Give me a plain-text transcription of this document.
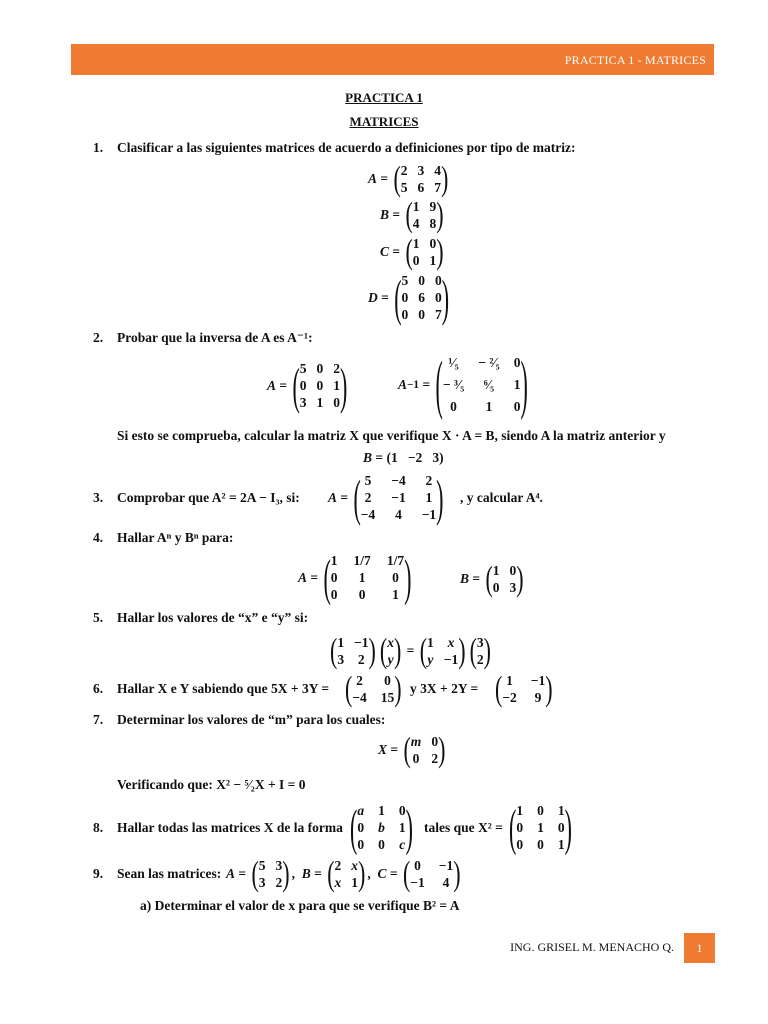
PRACTICA 1 - MATRICES
PRACTICA 1
MATRICES
1. Clasificar a las siguientes matrices de acuerdo a definiciones por tipo de matriz:
A = ( 2 3 4
5 6 7 )
B = ( 1 9
4 8 )
C = ( 1 0
0 1 )
D = ( 5 0 0
0 6 0
0 0 7 )
2. Probar que la inversa de A es A⁻¹:
A = ( 5 0 2
0 0 1
3 1 0 )	A −1 = ( ¹⁄₅ − ²⁄₅ 0
− ³⁄₅ ⁶⁄₅ 1
0 1 0 )
Si esto se comprueba, calcular la matriz X que verifique X · A = B, siendo A la matriz anterior y
B = (1   −2   3)
3. Comprobar que A² = 2A − I₃, si: A = ( 5 −4 2
2 −1 1
−4 4 −1 ) , y calcular A⁴.
4. Hallar Aⁿ y Bⁿ para:
A = ( 1 1/7 1/7
0 1 0
0 0 1 )	B = ( 1 0
0 3 )
5. Hallar los valores de “x” e “y” si:
( 1 −1
3 2 ) ( x
y ) = ( 1 x
y −1 ) ( 3
2 )
6. Hallar X e Y sabiendo que 5X + 3Y = ( 2 0
−4 15 ) y 3X + 2Y = ( 1 −1
−2 9 )
7. Determinar los valores de “m” para los cuales:
X = ( m 0
0 2 )
Verificando que: X² − ⁵⁄₂X + I = 0
8. Hallar todas las matrices X de la forma ( a 1 0
0 b 1
0 0 c ) tales que X² = ( 1 0 1
0 1 0
0 0 1 )
9. Sean las matrices: A = ( 5 3
3 2 ) , B = ( 2 x
x 1 ) , C = ( 0 −1
−1 4 )
a) Determinar el valor de x para que se verifique B² = A
ING. GRISEL M. MENACHO Q.	1
